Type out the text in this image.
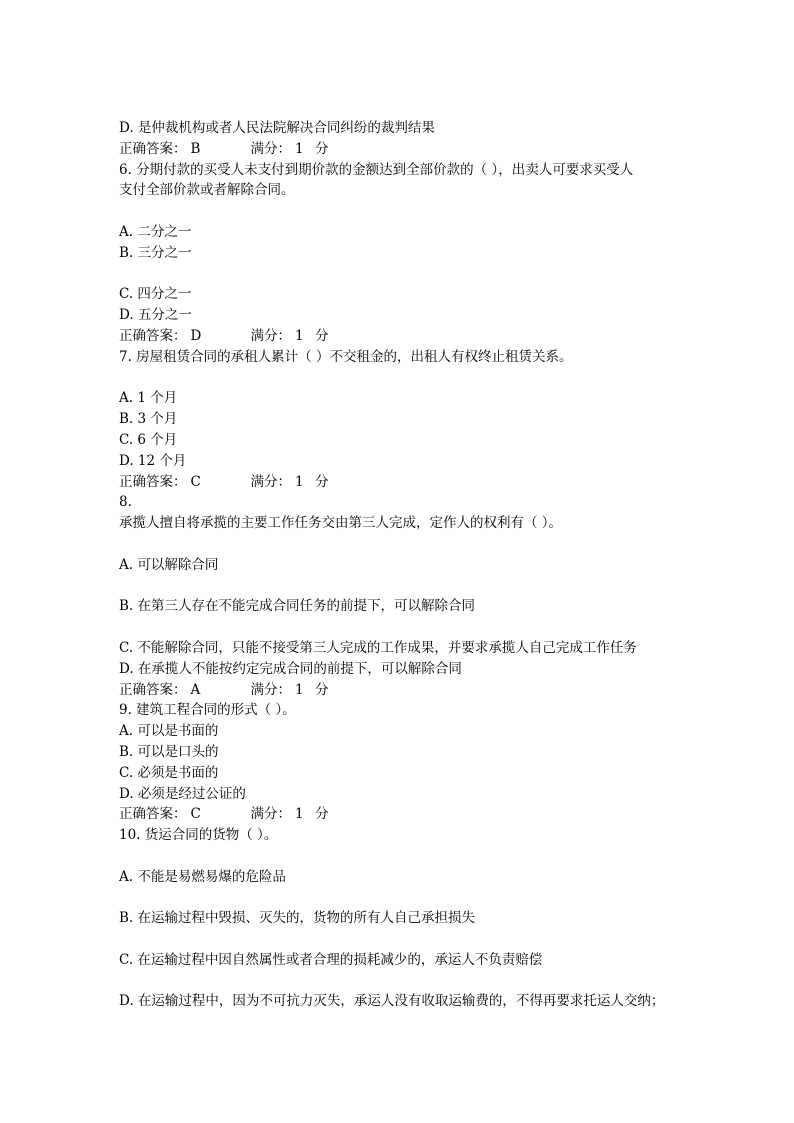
D. 是仲裁机构或者人民法院解决合同纠纷的裁判结果
正确答案： B	满分： 1 分
6. 分期付款的买受人未支付到期价款的金额达到全部价款的（ ），出卖人可要求买受人
支付全部价款或者解除合同。
A. 二分之一
B. 三分之一
C. 四分之一
D. 五分之一
正确答案： D	满分： 1 分
7. 房屋租赁合同的承租人累计（ ）不交租金的，出租人有权终止租赁关系。
A. 1 个月
B. 3 个月
C. 6 个月
D. 12 个月
正确答案： C	满分： 1 分
8.
承揽人擅自将承揽的主要工作任务交由第三人完成，定作人的权利有（ ）。
A. 可以解除合同
B. 在第三人存在不能完成合同任务的前提下，可以解除合同
C. 不能解除合同，只能不接受第三人完成的工作成果，并要求承揽人自己完成工作任务
D. 在承揽人不能按约定完成合同的前提下，可以解除合同
正确答案： A	满分： 1 分
9. 建筑工程合同的形式（ ）。
A. 可以是书面的
B. 可以是口头的
C. 必须是书面的
D. 必须是经过公证的
正确答案： C	满分： 1 分
10. 货运合同的货物（ ）。
A. 不能是易燃易爆的危险品
B. 在运输过程中毁损、灭失的，货物的所有人自己承担损失
C. 在运输过程中因自然属性或者合理的损耗减少的，承运人不负责赔偿
D. 在运输过程中，因为不可抗力灭失，承运人没有收取运输费的，不得再要求托运人交纳；
